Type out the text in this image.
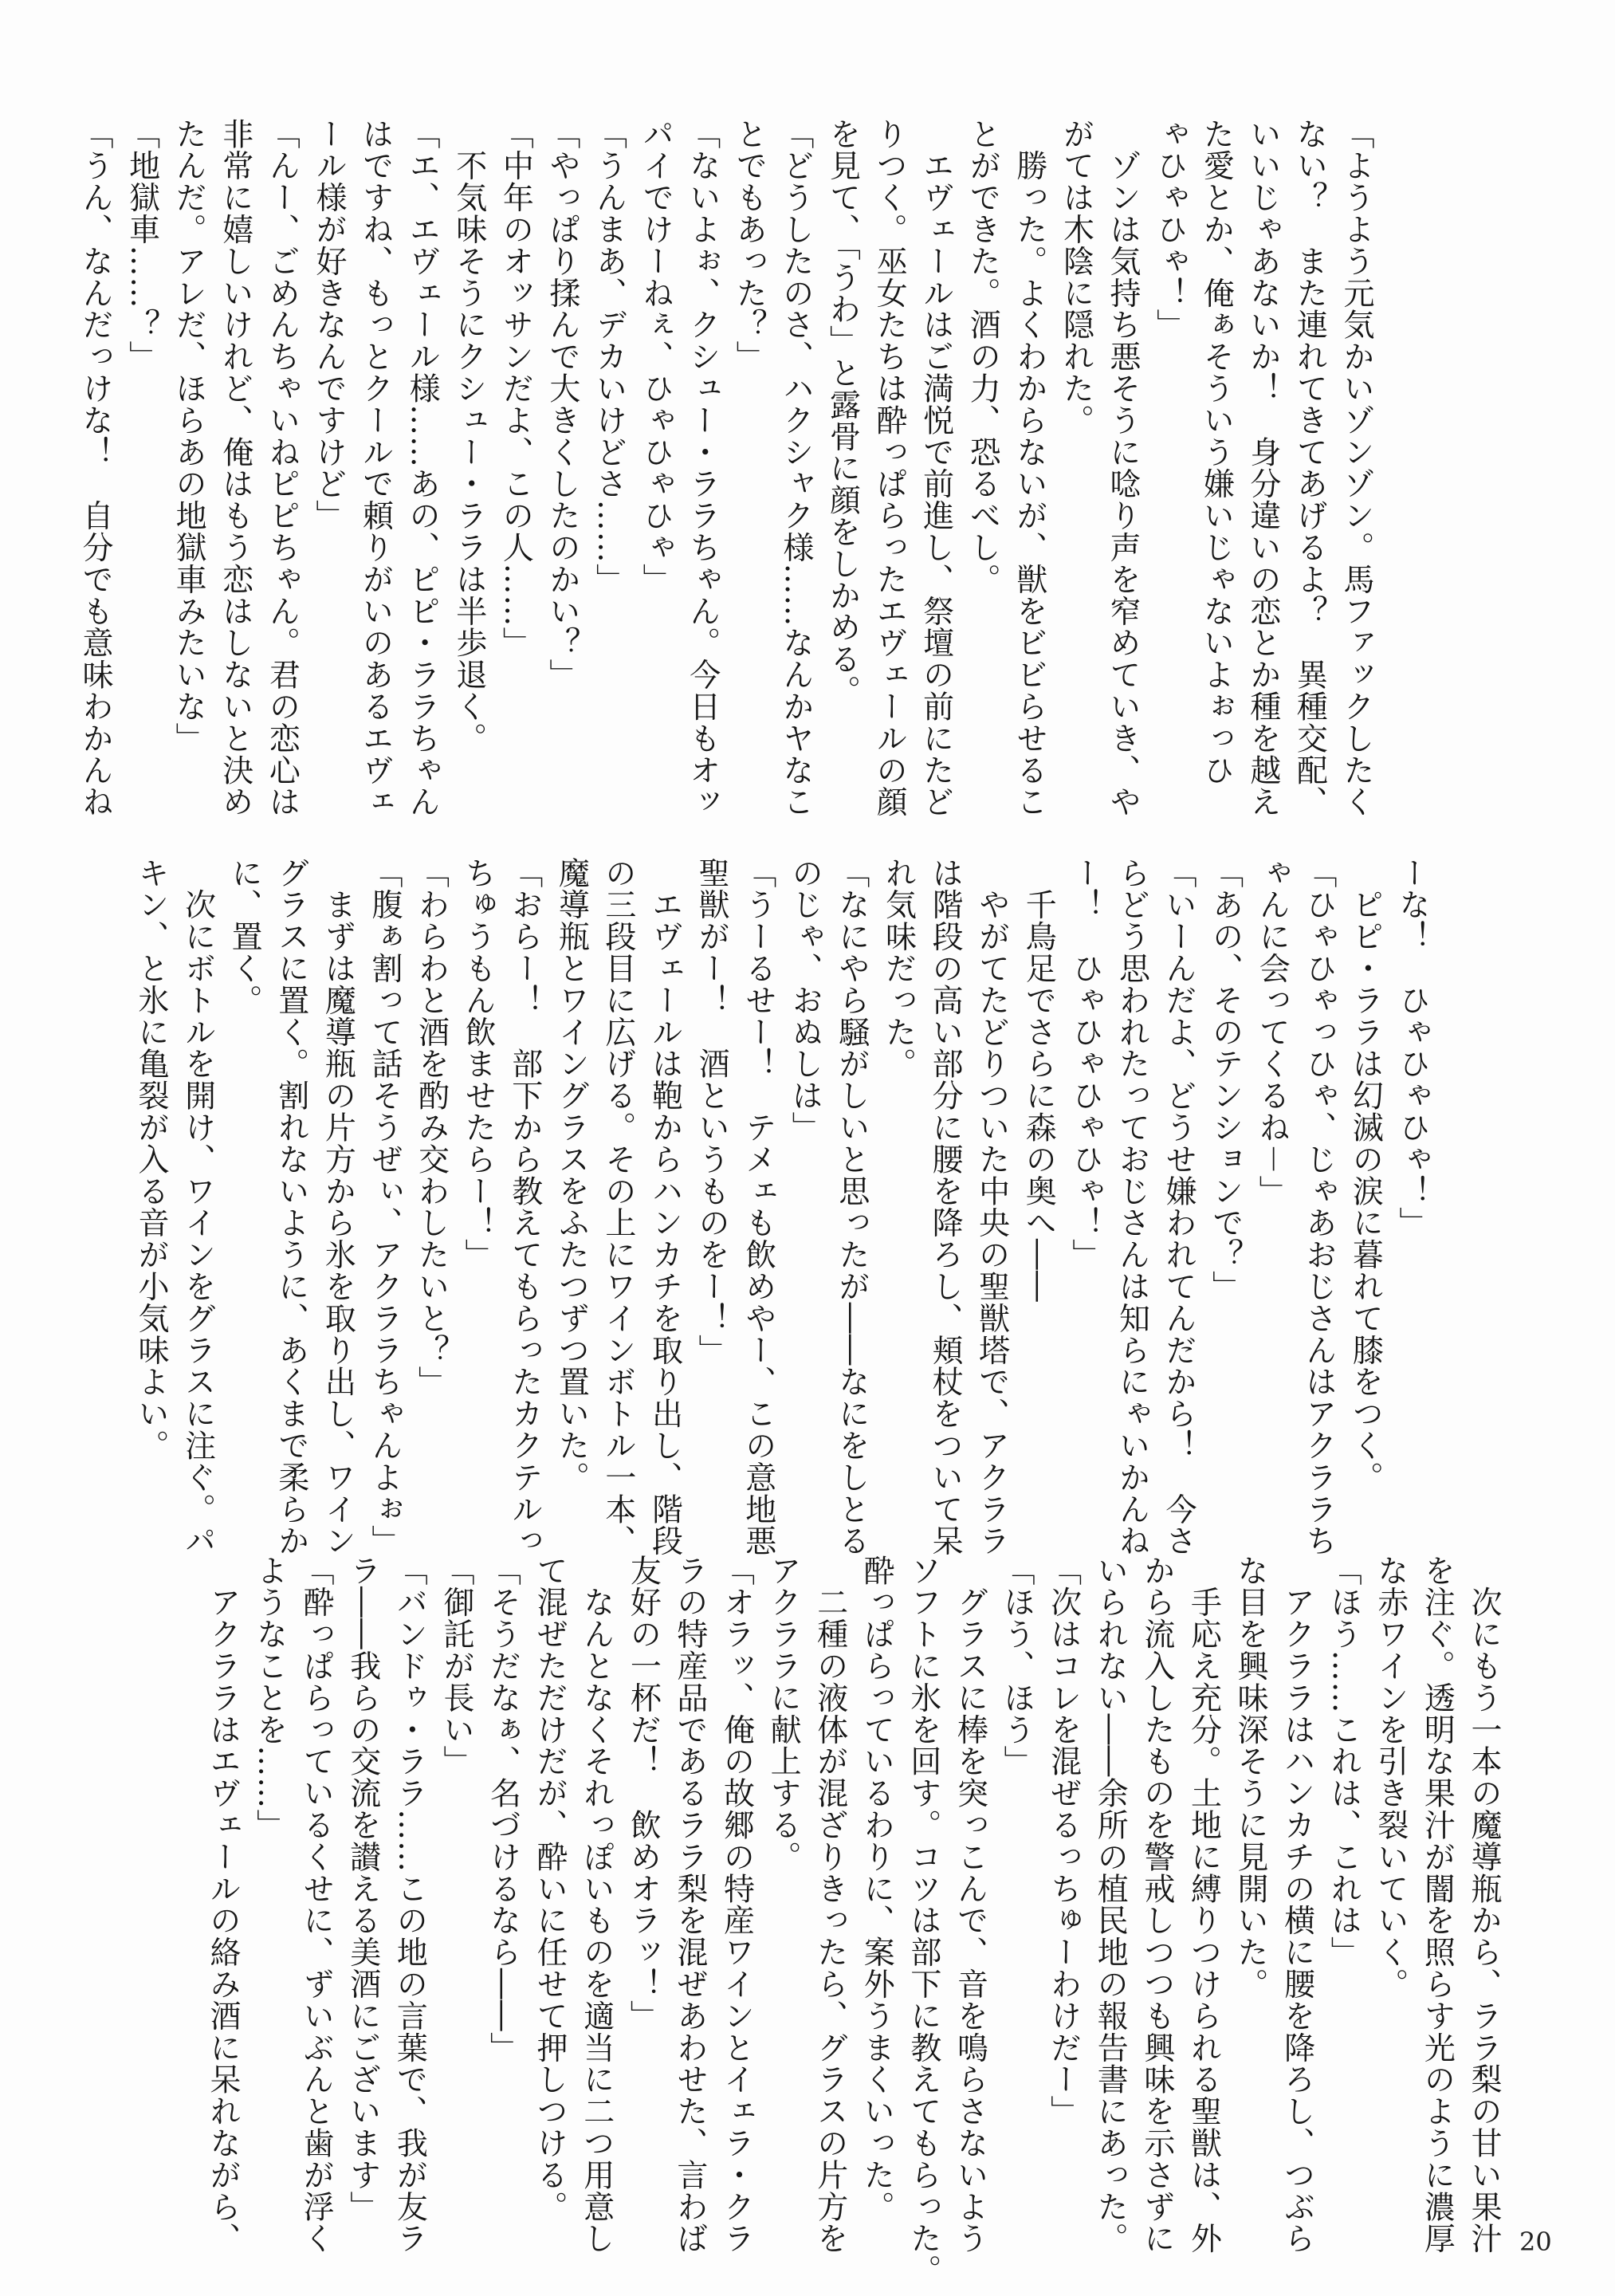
「ようよう元気かいゾンゾン。馬ファックしたく

ない？　また連れてきてあげるよ？　異種交配、

いいじゃあないか！　身分違いの恋とか種を越え

た愛とか、俺ぁそういう嫌いじゃないよぉっひ

ゃひゃひゃ！」

　ゾンは気持ち悪そうに唸り声を窄めていき、や

がては木陰に隠れた。

　勝った。よくわからないが、獣をビビらせるこ

とができた。酒の力、恐るべし。

　エヴェールはご満悦で前進し、祭壇の前にたど

りつく。巫女たちは酔っぱらったエヴェールの顔

を見て、「うわ」と露骨に顔をしかめる。

「どうしたのさ、ハクシャク様……なんかヤなこ

とでもあった？」

「ないよぉ、クシュー・ララちゃん。今日もオッ

パイでけーねぇ、ひゃひゃひゃ」

「うんまあ、デカいけどさ……」

「やっぱり揉んで大きくしたのかい？」

「中年のオッサンだよ、この人……」

　不気味そうにクシュー・ララは半歩退く。

「エ、エヴェール様……あの、ピピ・ララちゃん

はですね、もっとクールで頼りがいのあるエヴェ

ール様が好きなんですけど」

「んー、ごめんちゃいねピピちゃん。君の恋心は

非常に嬉しいけれど、俺はもう恋はしないと決め

たんだ。アレだ、ほらあの地獄車みたいな」

「地獄車……？」

「うん、なんだっけな！　自分でも意味わかんね

ーな！　ひゃひゃひゃ！」

　ピピ・ララは幻滅の涙に暮れて膝をつく。

「ひゃひゃっひゃ、じゃあおじさんはアクララち

ゃんに会ってくるね－」

「あの、そのテンションで？」

「いーんだよ、どうせ嫌われてんだから！　今さ

らどう思われたっておじさんは知らにゃいかんね

ー！　ひゃひゃひゃひゃ！」

　千鳥足でさらに森の奥へ――

　やがてたどりついた中央の聖獣塔で、アクララ

は階段の高い部分に腰を降ろし、頬杖をついて呆

れ気味だった。

「なにやら騒がしいと思ったが――なにをしとる

のじゃ、おぬしは」

「うーるせー！　テメェも飲めやー、この意地悪

聖獣がー！　酒というものをー！」

　エヴェールは鞄からハンカチを取り出し、階段

の三段目に広げる。その上にワインボトル一本、

魔導瓶とワイングラスをふたつずつ置いた。

「おらー！　部下から教えてもらったカクテルっ

ちゅうもん飲ませたらー！」

「わらわと酒を酌み交わしたいと？」

「腹ぁ割って話そうぜぃ、アクララちゃんよぉ」

　まずは魔導瓶の片方から氷を取り出し、ワイン

グラスに置く。割れないように、あくまで柔らか

に、置く。

　次にボトルを開け、ワインをグラスに注ぐ。パ

キン、と氷に亀裂が入る音が小気味よい。

　次にもう一本の魔導瓶から、ララ梨の甘い果汁

を注ぐ。透明な果汁が闇を照らす光のように濃厚

な赤ワインを引き裂いていく。

「ほう……これは、これは」

　アクララはハンカチの横に腰を降ろし、つぶら

な目を興味深そうに見開いた。

　手応え充分。土地に縛りつけられる聖獣は、外

から流入したものを警戒しつつも興味を示さずに

いられない――余所の植民地の報告書にあった。

「次はコレを混ぜるっちゅーわけだー」

「ほう、ほう」

　グラスに棒を突っこんで、音を鳴らさないよう

ソフトに氷を回す。コツは部下に教えてもらった。

酔っぱらっているわりに、案外うまくいった。

　二種の液体が混ざりきったら、グラスの片方を

アクララに献上する。

「オラッ、俺の故郷の特産ワインとイェラ・クラ

ラの特産品であるララ梨を混ぜあわせた、言わば

友好の一杯だ！　飲めオラッ！」

　なんとなくそれっぽいものを適当に二つ用意し

て混ぜただけだが、酔いに任せて押しつける。

「そうだなぁ、名づけるなら――」

「御託が長い」

「バンドゥ・ララ……この地の言葉で、我が友ラ

ラ――我らの交流を讃える美酒にございます」

「酔っぱらっているくせに、ずいぶんと歯が浮く

ようなことを……」

　アクララはエヴェールの絡み酒に呆れながら、	20
